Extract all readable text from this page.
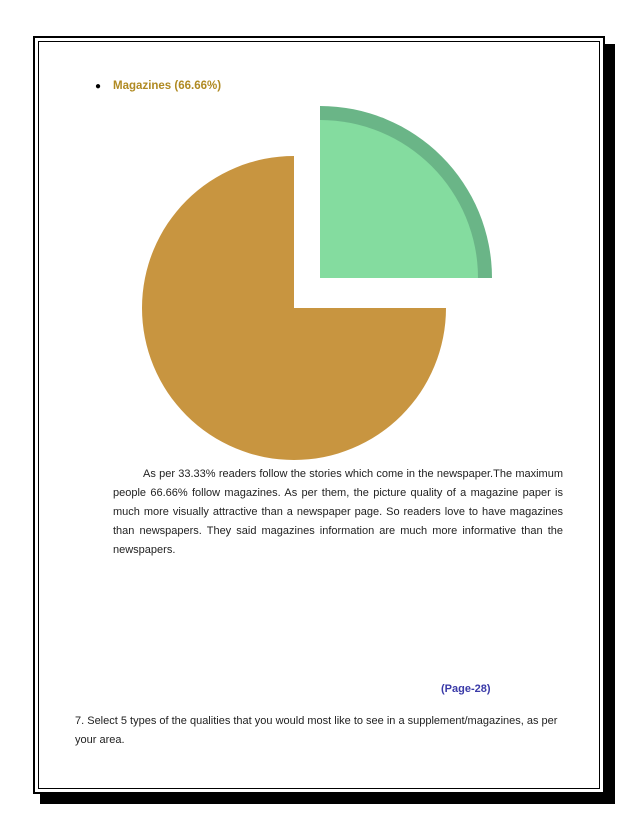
● Magazines (66.66%)
As per 33.33% readers follow the stories which come in the newspaper.The maximum people 66.66% follow magazines. As per them, the picture quality of a magazine paper is much more visually attractive than a newspaper page. So readers love to have magazines than newspapers. They said magazines information are much more informative than the newspapers.
(Page-28)
7. Select 5 types of the qualities that you would most like to see in a supplement/magazines, as per your area.
